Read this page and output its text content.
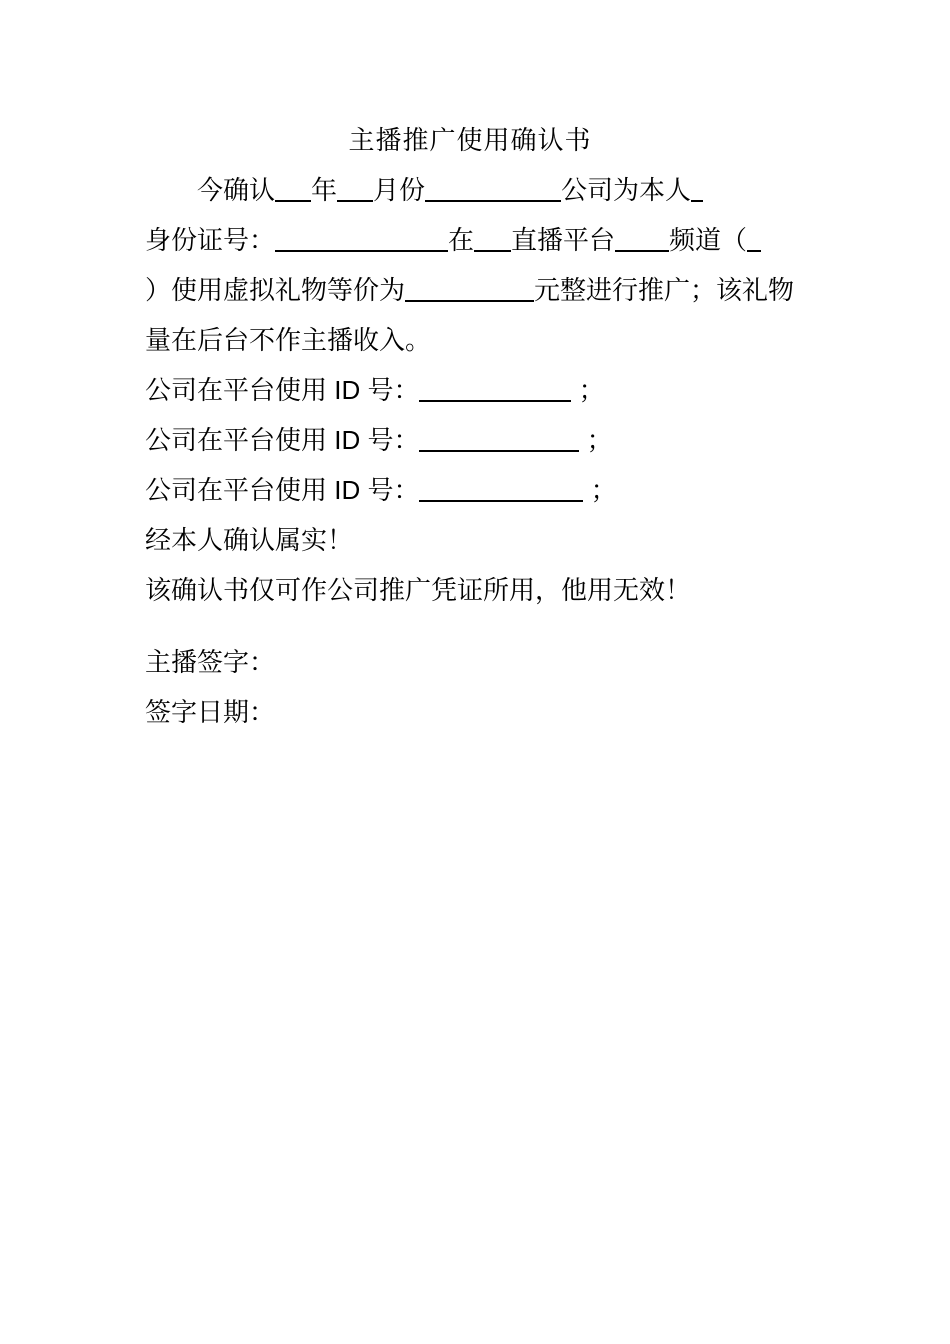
主播推广使用确认书

今确认 年 月份	公司为本人

身份证号：	在 直播平台 频道（

）使用虚拟礼物等价为	元整进行推广；该礼物

量在后台不作主播收入。

公司在平台使用 ID 号：	；

公司在平台使用 ID 号：	；

公司在平台使用 ID 号：	；

经本人确认属实！

该确认书仅可作公司推广凭证所用，他用无效！

主播签字：

签字日期：
